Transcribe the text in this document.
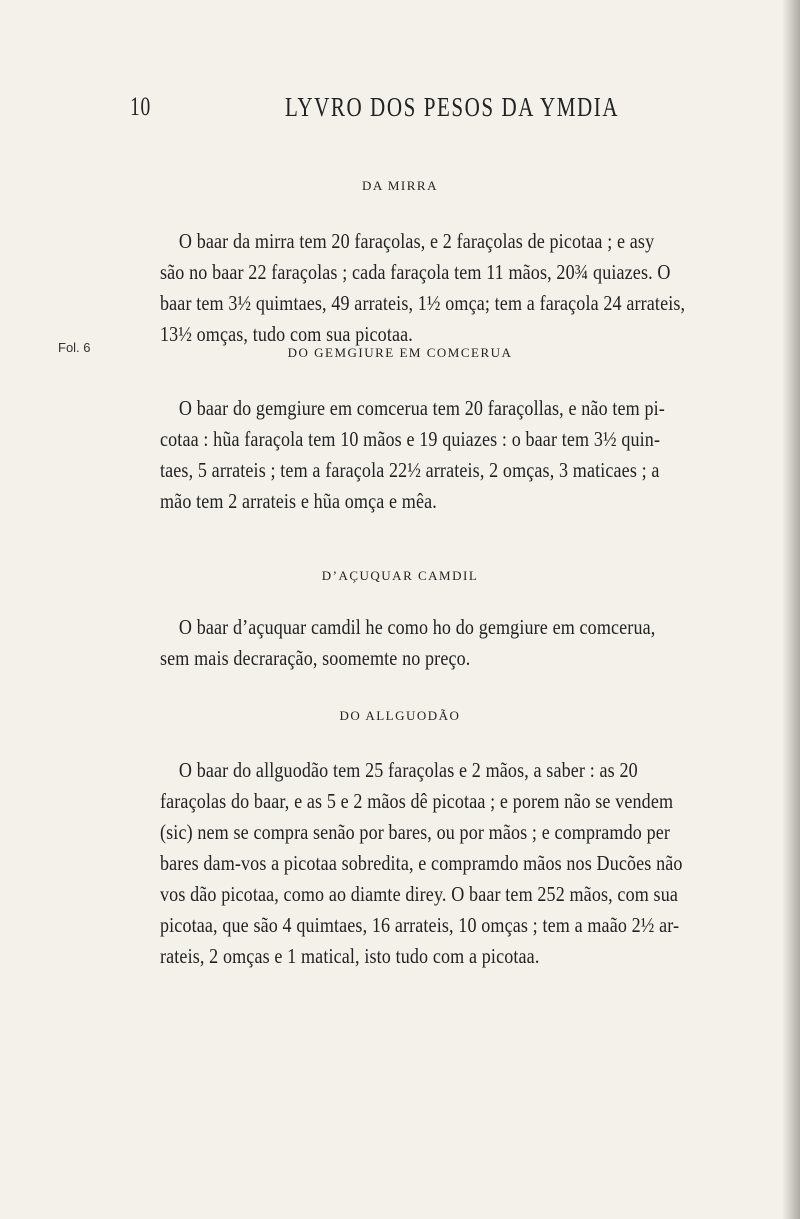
10	LYVRO DOS PESOS DA YMDIA
Fol. 6
DA MIRRA
O baar da mirra tem 20 faraçolas, e 2 faraçolas de picotaa ; e asy
são no baar 22 faraçolas ; cada faraçola tem 11 mãos, 20¾ quiazes. O
baar tem 3½ quimtaes, 49 arrateis, 1½ omça; tem a faraçola 24 arrateis,
13½ omças, tudo com sua picotaa.
DO GEMGIURE EM COMCERUA
O baar do gemgiure em comcerua tem 20 faraçollas, e não tem pi-
cotaa : hũa faraçola tem 10 mãos e 19 quiazes : o baar tem 3½ quin-
taes, 5 arrateis ; tem a faraçola 22½ arrateis, 2 omças, 3 maticaes ; a
mão tem 2 arrateis e hũa omça e mêa.
D’AÇUQUAR CAMDIL
O baar d’açuquar camdil he como ho do gemgiure em comcerua,
sem mais decraração, soomemte no preço.
DO ALLGUODÃO
O baar do allguodão tem 25 faraçolas e 2 mãos, a saber : as 20
faraçolas do baar, e as 5 e 2 mãos dê picotaa ; e porem não se vendem
(sic) nem se compra senão por bares, ou por mãos ; e compramdo per
bares dam-vos a picotaa sobredita, e compramdo mãos nos Ducões não
vos dão picotaa, como ao diamte direy. O baar tem 252 mãos, com sua
picotaa, que são 4 quimtaes, 16 arrateis, 10 omças ; tem a maão 2½ ar-
rateis, 2 omças e 1 matical, isto tudo com a picotaa.
